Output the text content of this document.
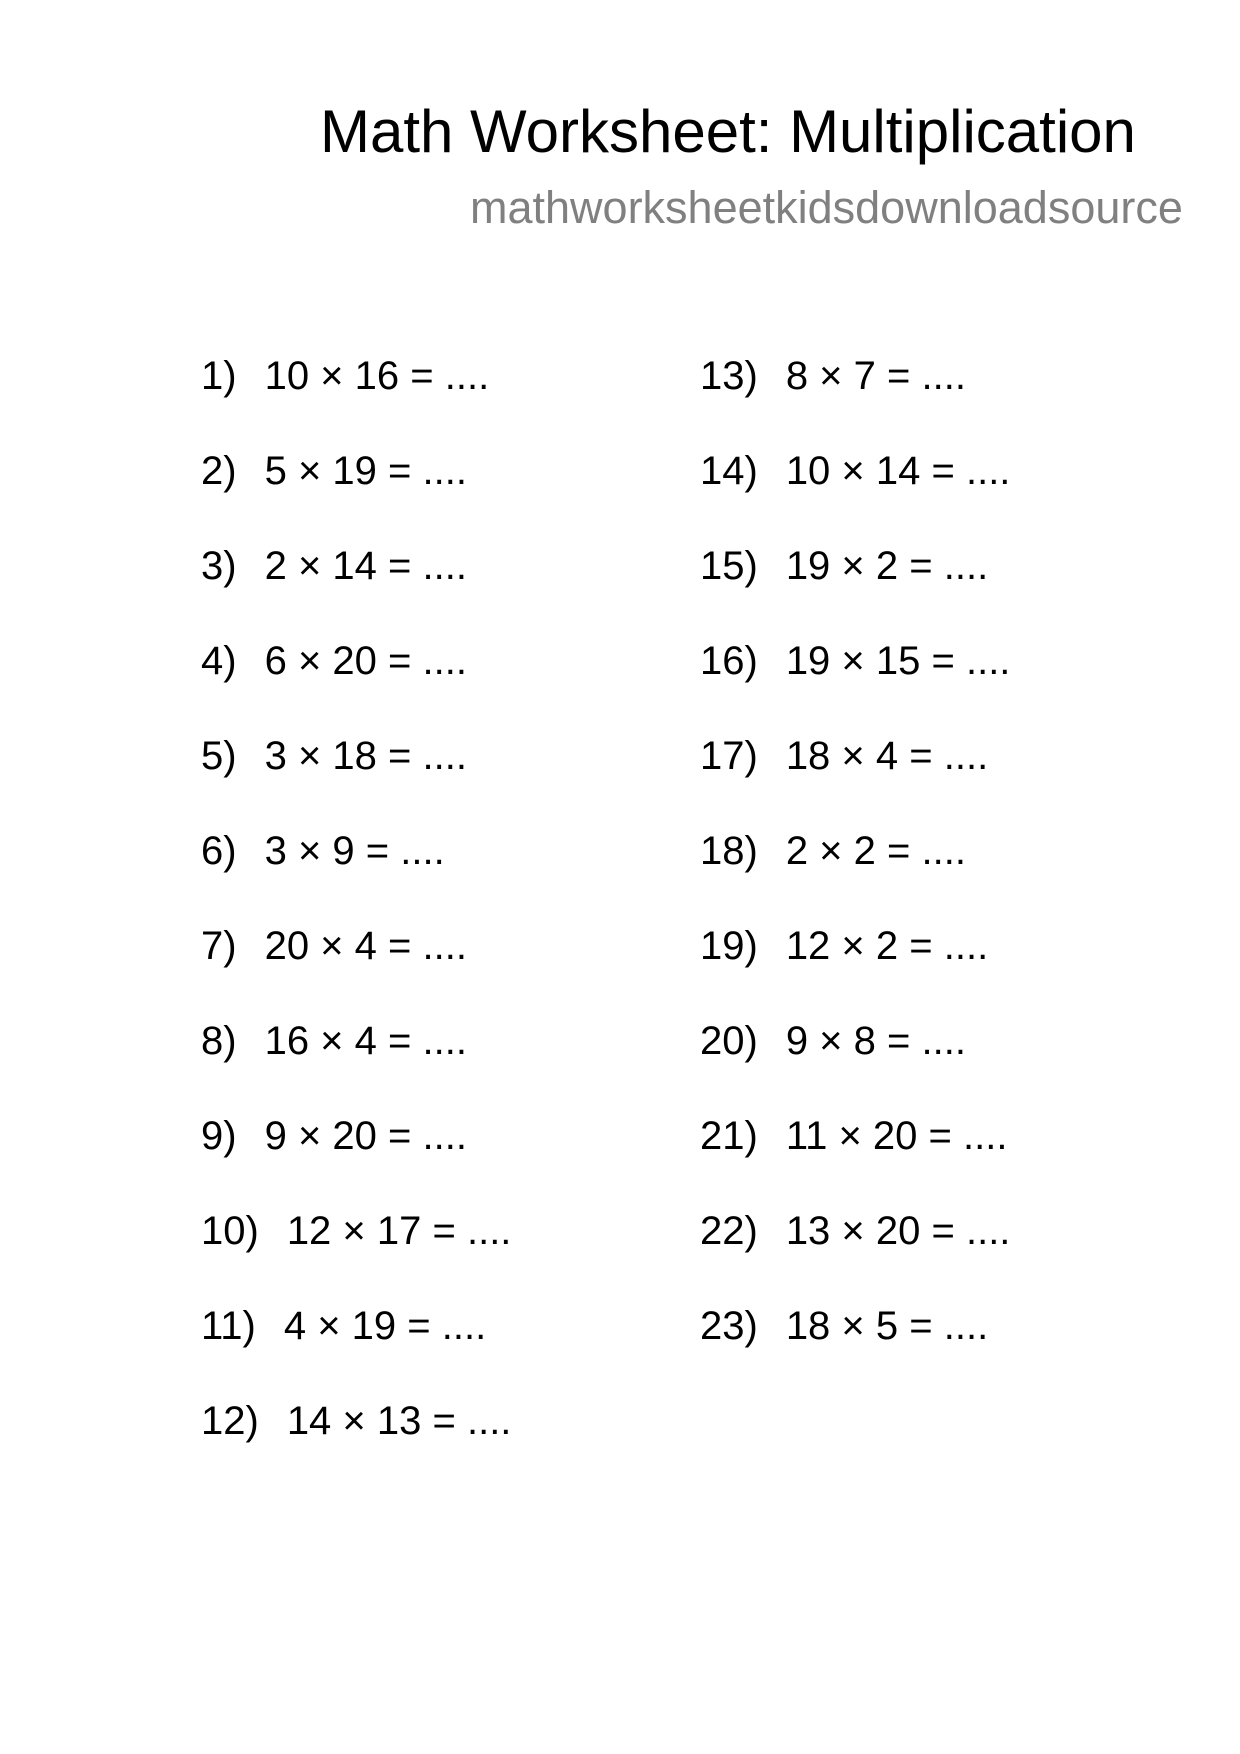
Math Worksheet: Multiplication
mathworksheetkidsdownloadsource
1) 10 × 16 = ....
2) 5 × 19 = ....
3) 2 × 14 = ....
4) 6 × 20 = ....
5) 3 × 18 = ....
6) 3 × 9 = ....
7) 20 × 4 = ....
8) 16 × 4 = ....
9) 9 × 20 = ....
10) 12 × 17 = ....
11) 4 × 19 = ....
12) 14 × 13 = ....
13) 8 × 7 = ....
14) 10 × 14 = ....
15) 19 × 2 = ....
16) 19 × 15 = ....
17) 18 × 4 = ....
18) 2 × 2 = ....
19) 12 × 2 = ....
20) 9 × 8 = ....
21) 11 × 20 = ....
22) 13 × 20 = ....
23) 18 × 5 = ....
